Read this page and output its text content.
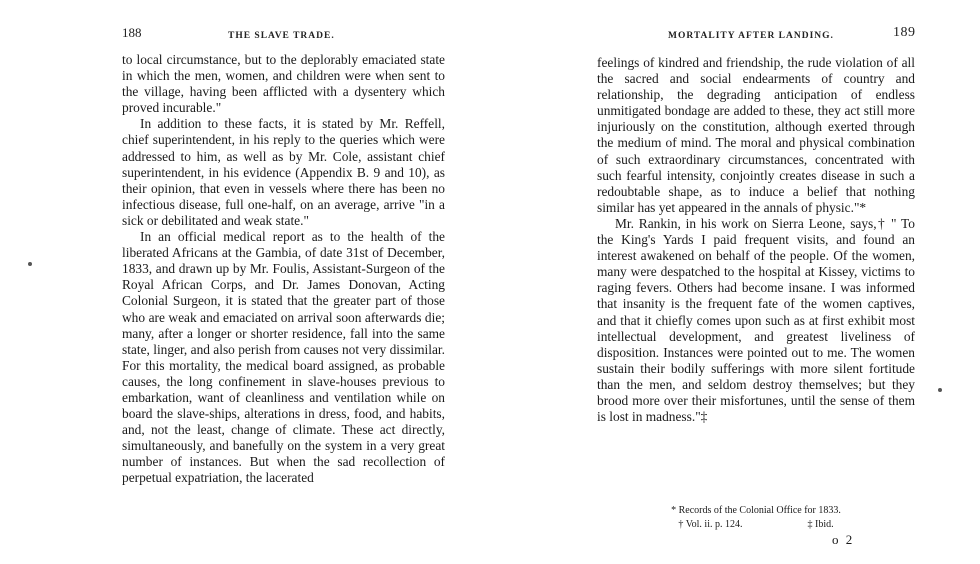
188	THE SLAVE TRADE.

to local circumstance, but to the deplorably emaciated state in which the men, women, and children were when sent to the village, having been afflicted with a dysentery which proved incurable."

In addition to these facts, it is stated by Mr. Reffell, chief superintendent, in his reply to the queries which were addressed to him, as well as by Mr. Cole, assistant chief superintendent, in his evidence (Appendix B. 9 and 10), as their opinion, that even in vessels where there has been no infectious disease, full one-half, on an average, arrive "in a sick or debilitated and weak state."

In an official medical report as to the health of the liberated Africans at the Gambia, of date 31st of December, 1833, and drawn up by Mr. Foulis, Assistant-Surgeon of the Royal African Corps, and Dr. James Donovan, Acting Colonial Surgeon, it is stated that the greater part of those who are weak and emaciated on arrival soon afterwards die; many, after a longer or shorter residence, fall into the same state, linger, and also perish from causes not very dissimilar. For this mortality, the medical board assigned, as probable causes, the long confinement in slave-houses previous to embarkation, want of cleanliness and ventilation while on board the slave-ships, alterations in dress, food, and habits, and, not the least, change of climate. These act directly, simultaneously, and banefully on the system in a very great number of instances. But when the sad recollection of perpetual expatriation, the lacerated

MORTALITY AFTER LANDING.	189

feelings of kindred and friendship, the rude violation of all the sacred and social endearments of country and relationship, the degrading anticipation of endless unmitigated bondage are added to these, they act still more injuriously on the constitution, although exerted through the medium of mind. The moral and physical combination of such extraordinary circumstances, concentrated with such fearful intensity, conjointly creates disease in such a redoubtable shape, as to induce a belief that nothing similar has yet appeared in the annals of physic."*

Mr. Rankin, in his work on Sierra Leone, says,† " To the King's Yards I paid frequent visits, and found an interest awakened on behalf of the people. Of the women, many were despatched to the hospital at Kissey, victims to raging fevers. Others had become insane. I was informed that insanity is the frequent fate of the women captives, and that it chiefly comes upon such as at first exhibit most intellectual development, and greatest liveliness of disposition. Instances were pointed out to me. The women sustain their bodily sufferings with more silent fortitude than the men, and seldom destroy themselves; but they brood more over their misfortunes, until the sense of them is lost in madness."‡

* Records of the Colonial Office for 1833.
† Vol. ii. p. 124.	‡ Ibid.
o 2
